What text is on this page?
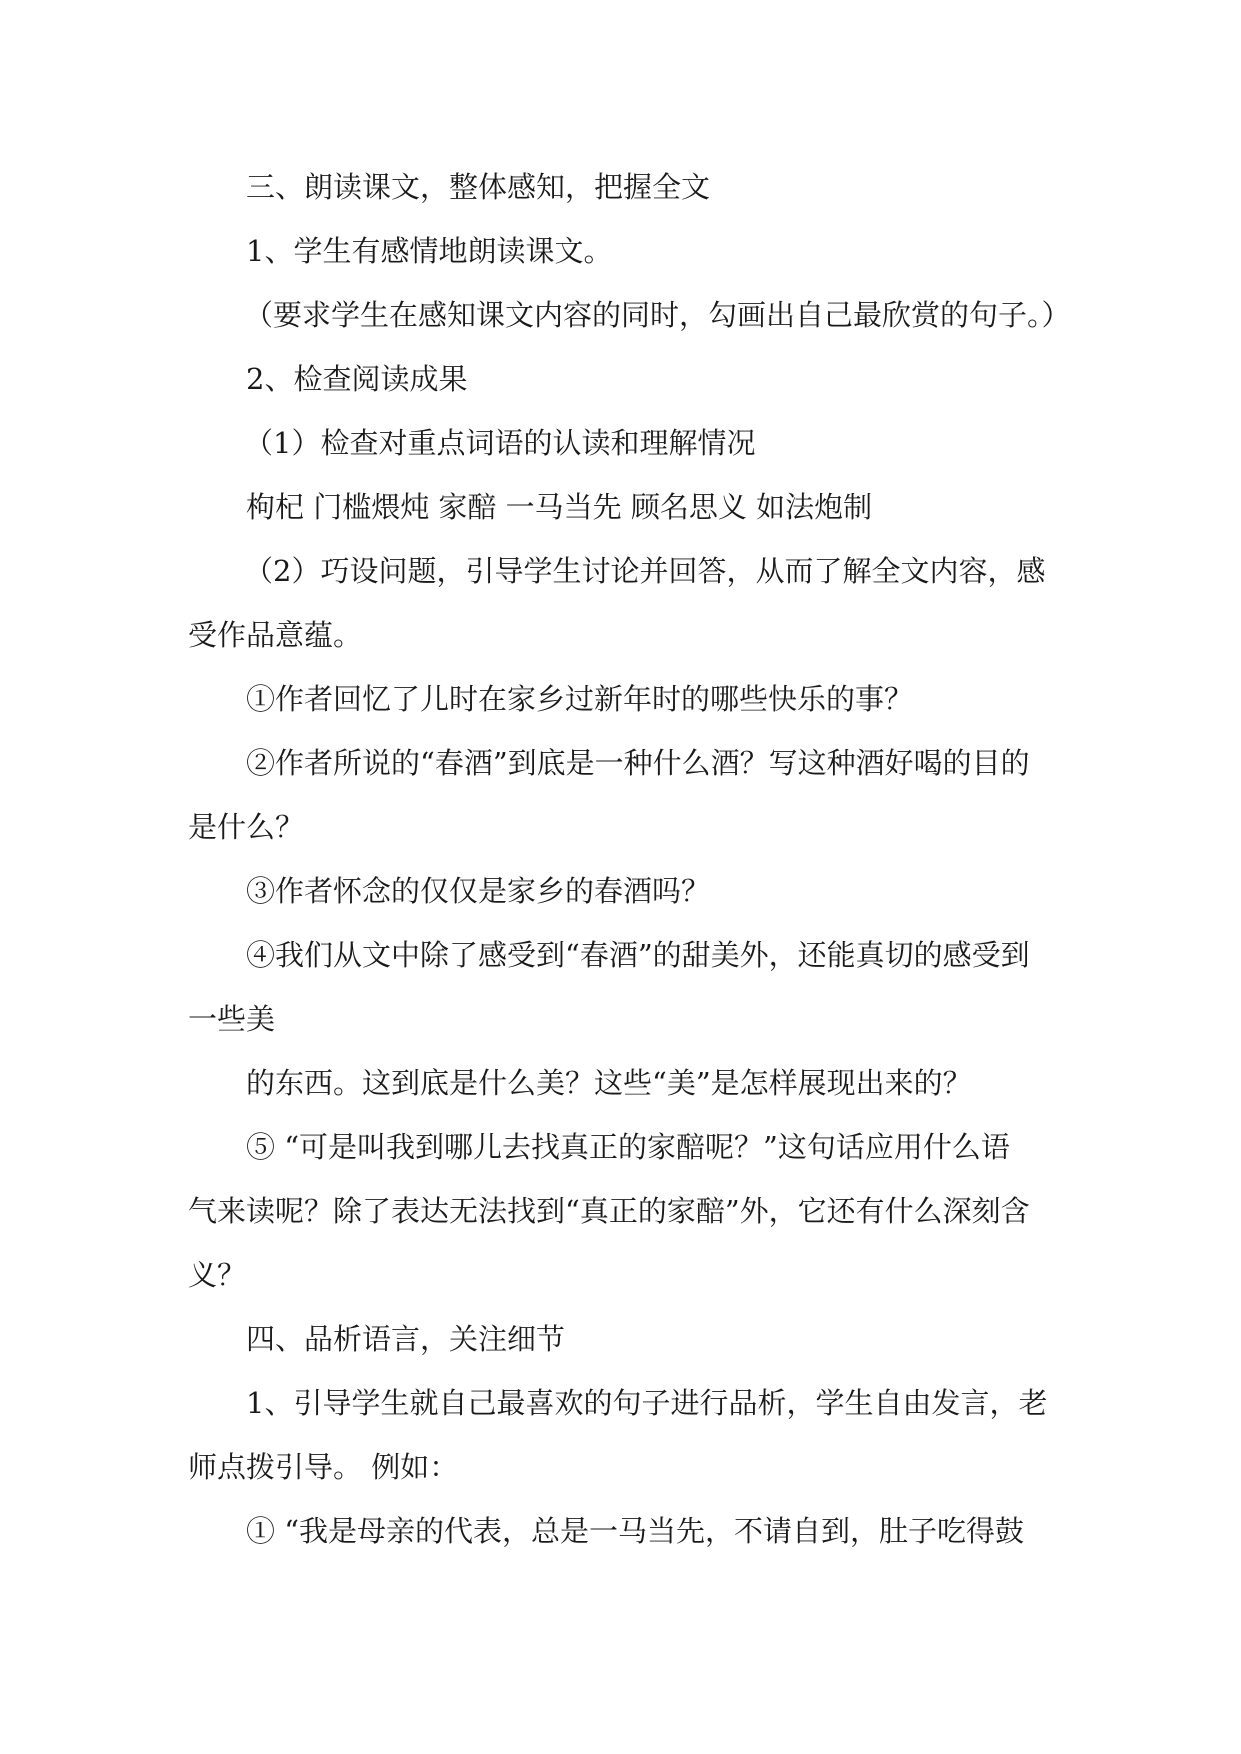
三、朗读课文，整体感知，把握全文

1、学生有感情地朗读课文。

（要求学生在感知课文内容的同时，勾画出自己最欣赏的句子。）

2、检查阅读成果

（1）检查对重点词语的认读和理解情况

枸杞 门槛煨炖 家醅 一马当先 顾名思义 如法炮制

（2）巧设问题，引导学生讨论并回答，从而了解全文内容，感

受作品意蕴。

①作者回忆了儿时在家乡过新年时的哪些快乐的事？

②作者所说的“春酒”到底是一种什么酒？写这种酒好喝的目的

是什么？

③作者怀念的仅仅是家乡的春酒吗？

④我们从文中除了感受到“春酒”的甜美外，还能真切的感受到

一些美

的东西。这到底是什么美？这些“美”是怎样展现出来的？

⑤ “可是叫我到哪儿去找真正的家醅呢？”这句话应用什么语

气来读呢？除了表达无法找到“真正的家醅”外，它还有什么深刻含

义？

四、品析语言，关注细节

1、引导学生就自己最喜欢的句子进行品析，学生自由发言，老

师点拨引导。 例如：

① “我是母亲的代表，总是一马当先，不请自到，肚子吃得鼓
